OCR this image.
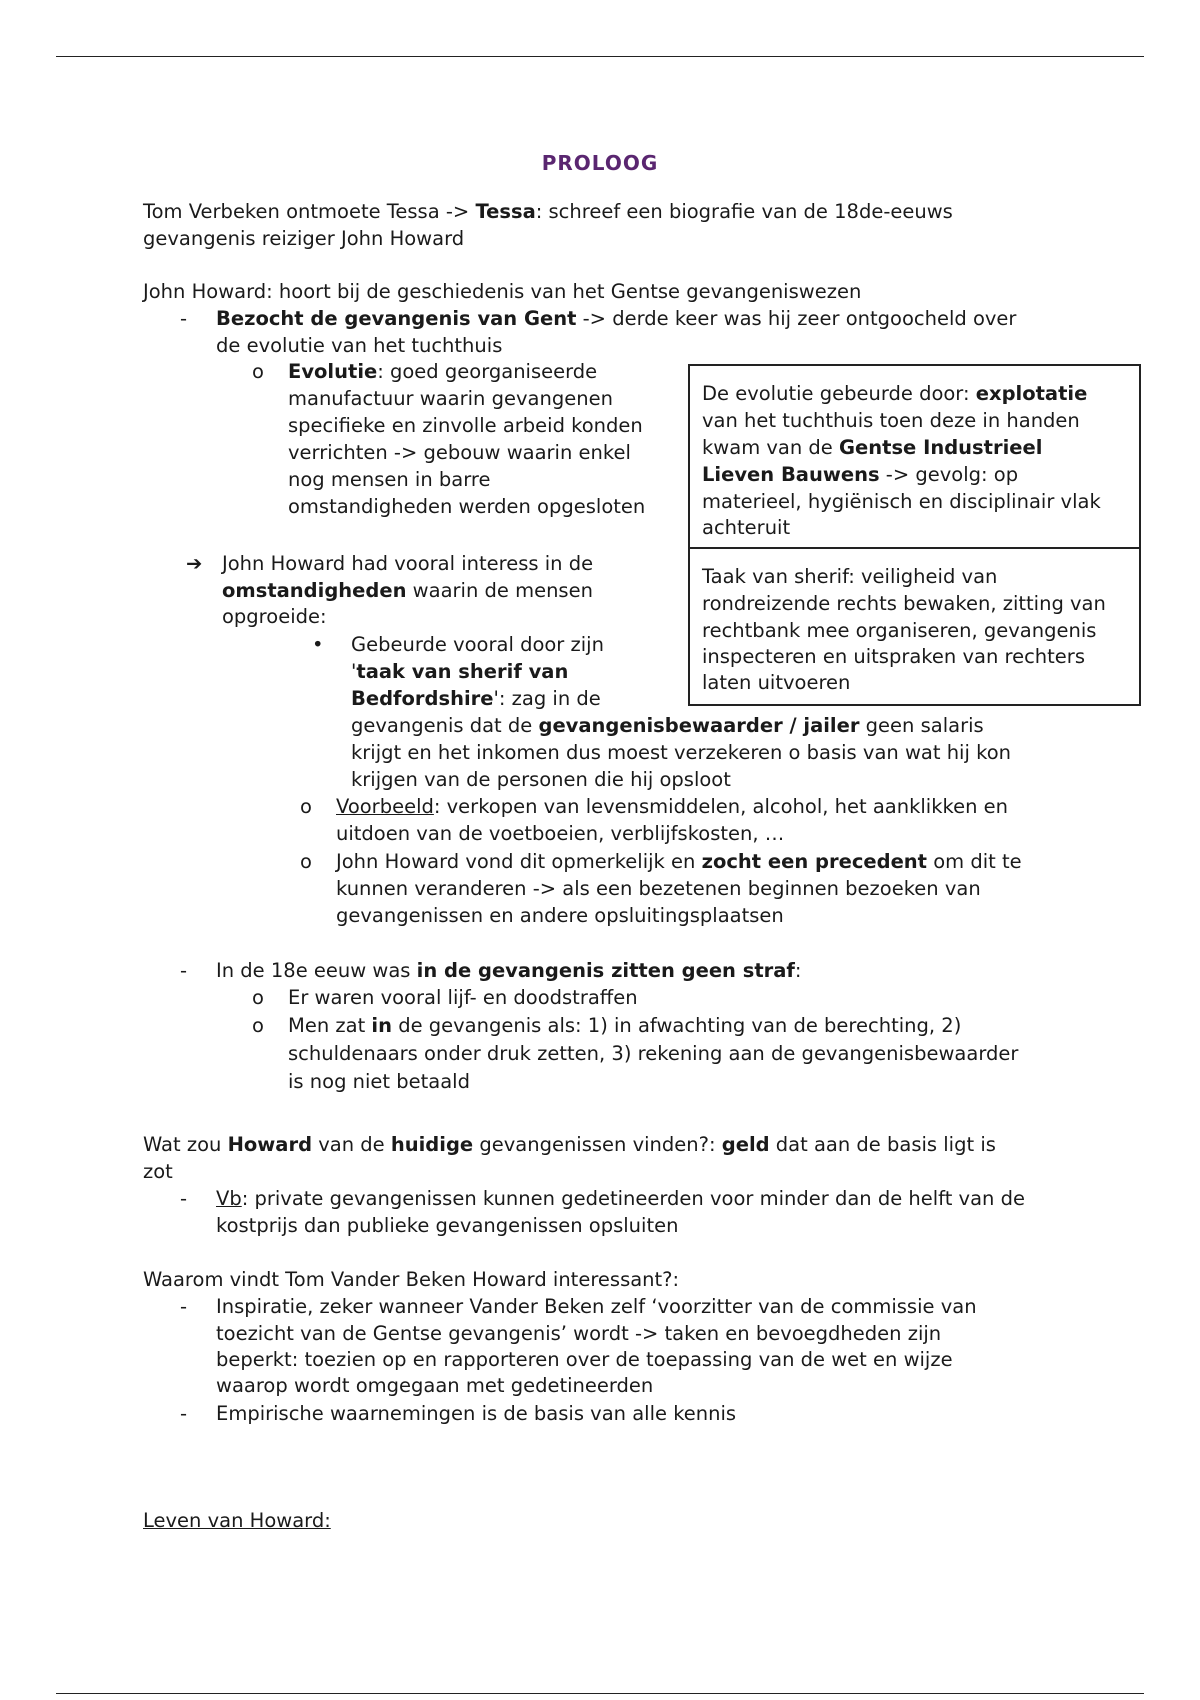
PROLOOG
Tom Verbeken ontmoete Tessa -> Tessa: schreef een biografie van de 18de-eeuws
gevangenis reiziger John Howard
John Howard: hoort bij de geschiedenis van het Gentse gevangeniswezen
- Bezocht de gevangenis van Gent -> derde keer was hij zeer ontgoocheld over
de evolutie van het tuchthuis
o Evolutie: goed georganiseerde
manufactuur waarin gevangenen
specifieke en zinvolle arbeid konden
verrichten -> gebouw waarin enkel
nog mensen in barre
omstandigheden werden opgesloten
➔ John Howard had vooral interess in de
omstandigheden waarin de mensen
opgroeide:
• Gebeurde vooral door zijn
'taak van sherif van
Bedfordshire': zag in de
gevangenis dat de gevangenisbewaarder / jailer geen salaris
krijgt en het inkomen dus moest verzekeren o basis van wat hij kon
krijgen van de personen die hij opsloot
o Voorbeeld: verkopen van levensmiddelen, alcohol, het aanklikken en
uitdoen van de voetboeien, verblijfskosten, …
o John Howard vond dit opmerkelijk en zocht een precedent om dit te
kunnen veranderen -> als een bezetenen beginnen bezoeken van
gevangenissen en andere opsluitingsplaatsen
De evolutie gebeurde door: explotatie
van het tuchthuis toen deze in handen
kwam van de Gentse Industrieel
Lieven Bauwens -> gevolg: op
materieel, hygiënisch en disciplinair vlak
achteruit
Taak van sherif: veiligheid van
rondreizende rechts bewaken, zitting van
rechtbank mee organiseren, gevangenis
inspecteren en uitspraken van rechters
laten uitvoeren
- In de 18e eeuw was in de gevangenis zitten geen straf:
o Er waren vooral lijf- en doodstraffen
o Men zat in de gevangenis als: 1) in afwachting van de berechting, 2)
schuldenaars onder druk zetten, 3) rekening aan de gevangenisbewaarder
is nog niet betaald
Wat zou Howard van de huidige gevangenissen vinden?: geld dat aan de basis ligt is
zot
- Vb: private gevangenissen kunnen gedetineerden voor minder dan de helft van de
kostprijs dan publieke gevangenissen opsluiten
Waarom vindt Tom Vander Beken Howard interessant?:
- Inspiratie, zeker wanneer Vander Beken zelf ‘voorzitter van de commissie van
toezicht van de Gentse gevangenis’ wordt -> taken en bevoegdheden zijn
beperkt: toezien op en rapporteren over de toepassing van de wet en wijze
waarop wordt omgegaan met gedetineerden
- Empirische waarnemingen is de basis van alle kennis
Leven van Howard:
